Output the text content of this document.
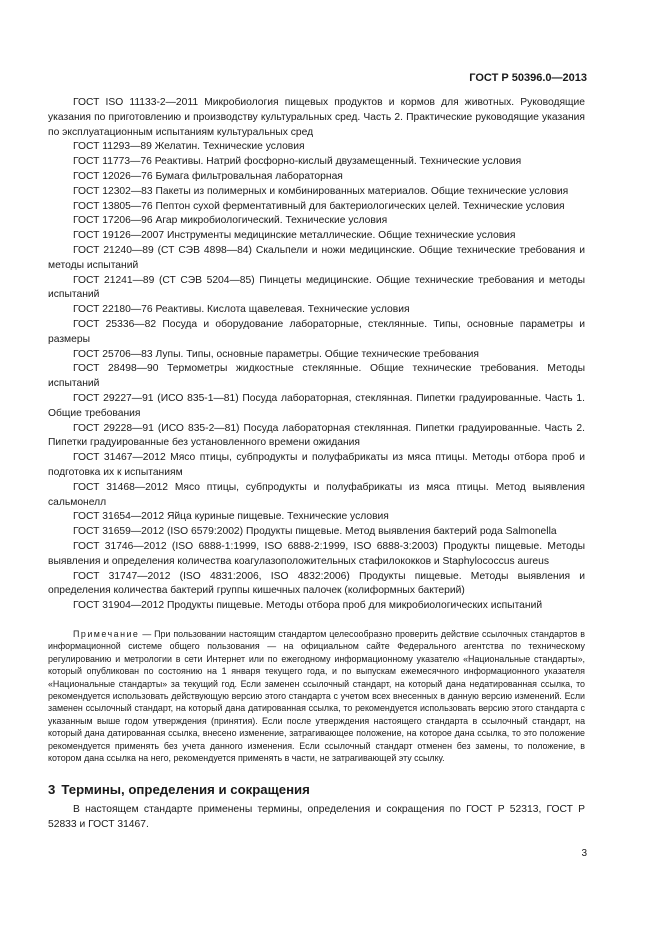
ГОСТ Р 50396.0—2013

ГОСТ ISO 11133-2—2011 Микробиология пищевых продуктов и кормов для животных. Руководящие указания по приготовлению и производству культуральных сред. Часть 2. Практические руководящие указания по эксплуатационным испытаниям культуральных сред

ГОСТ 11293—89 Желатин. Технические условия

ГОСТ 11773—76 Реактивы. Натрий фосфорно-кислый двузамещенный. Технические условия

ГОСТ 12026—76 Бумага фильтровальная лабораторная

ГОСТ 12302—83 Пакеты из полимерных и комбинированных материалов. Общие технические условия

ГОСТ 13805—76 Пептон сухой ферментативный для бактериологических целей. Технические условия

ГОСТ 17206—96 Агар микробиологический. Технические условия

ГОСТ 19126—2007 Инструменты медицинские металлические. Общие технические условия

ГОСТ 21240—89 (СТ СЭВ 4898—84) Скальпели и ножи медицинские. Общие технические требования и методы испытаний

ГОСТ 21241—89 (СТ СЭВ 5204—85) Пинцеты медицинские. Общие технические требования и методы испытаний

ГОСТ 22180—76 Реактивы. Кислота щавелевая. Технические условия

ГОСТ 25336—82 Посуда и оборудование лабораторные, стеклянные. Типы, основные параметры и размеры

ГОСТ 25706—83 Лупы. Типы, основные параметры. Общие технические требования

ГОСТ 28498—90 Термометры жидкостные стеклянные. Общие технические требования. Методы испытаний

ГОСТ 29227—91 (ИСО 835-1—81) Посуда лабораторная, стеклянная. Пипетки градуированные. Часть 1. Общие требования

ГОСТ 29228—91 (ИСО 835-2—81) Посуда лабораторная стеклянная. Пипетки градуированные. Часть 2. Пипетки градуированные без установленного времени ожидания

ГОСТ 31467—2012 Мясо птицы, субпродукты и полуфабрикаты из мяса птицы. Методы отбора проб и подготовка их к испытаниям

ГОСТ 31468—2012 Мясо птицы, субпродукты и полуфабрикаты из мяса птицы. Метод выявления сальмонелл

ГОСТ 31654—2012 Яйца куриные пищевые. Технические условия

ГОСТ 31659—2012 (ISO 6579:2002) Продукты пищевые. Метод выявления бактерий рода Salmonella

ГОСТ 31746—2012 (ISO 6888-1:1999, ISO 6888-2:1999, ISO 6888-3:2003) Продукты пищевые. Методы выявления и определения количества коагулазоположительных стафилококков и Staphylococcus aureus

ГОСТ 31747—2012 (ISO 4831:2006, ISO 4832:2006) Продукты пищевые. Методы выявления и определения количества бактерий группы кишечных палочек (колиформных бактерий)

ГОСТ 31904—2012 Продукты пищевые. Методы отбора проб для микробиологических испытаний

Примечание — При пользовании настоящим стандартом целесообразно проверить действие ссылочных стандартов в информационной системе общего пользования — на официальном сайте Федерального агентства по техническому регулированию и метрологии в сети Интернет или по ежегодному информационному указателю «Национальные стандарты», который опубликован по состоянию на 1 января текущего года, и по выпускам ежемесячного информационного указателя «Национальные стандарты» за текущий год. Если заменен ссылочный стандарт, на который дана недатированная ссылка, то рекомендуется использовать действующую версию этого стандарта с учетом всех внесенных в данную версию изменений. Если заменен ссылочный стандарт, на который дана датированная ссылка, то рекомендуется использовать версию этого стандарта с указанным выше годом утверждения (принятия). Если после утверждения настоящего стандарта в ссылочный стандарт, на который дана датированная ссылка, внесено изменение, затрагивающее положение, на которое дана ссылка, то это положение рекомендуется применять без учета данного изменения. Если ссылочный стандарт отменен без замены, то положение, в котором дана ссылка на него, рекомендуется применять в части, не затрагивающей эту ссылку.

3 Термины, определения и сокращения

В настоящем стандарте применены термины, определения и сокращения по ГОСТ Р 52313, ГОСТ Р 52833 и ГОСТ 31467.

3
